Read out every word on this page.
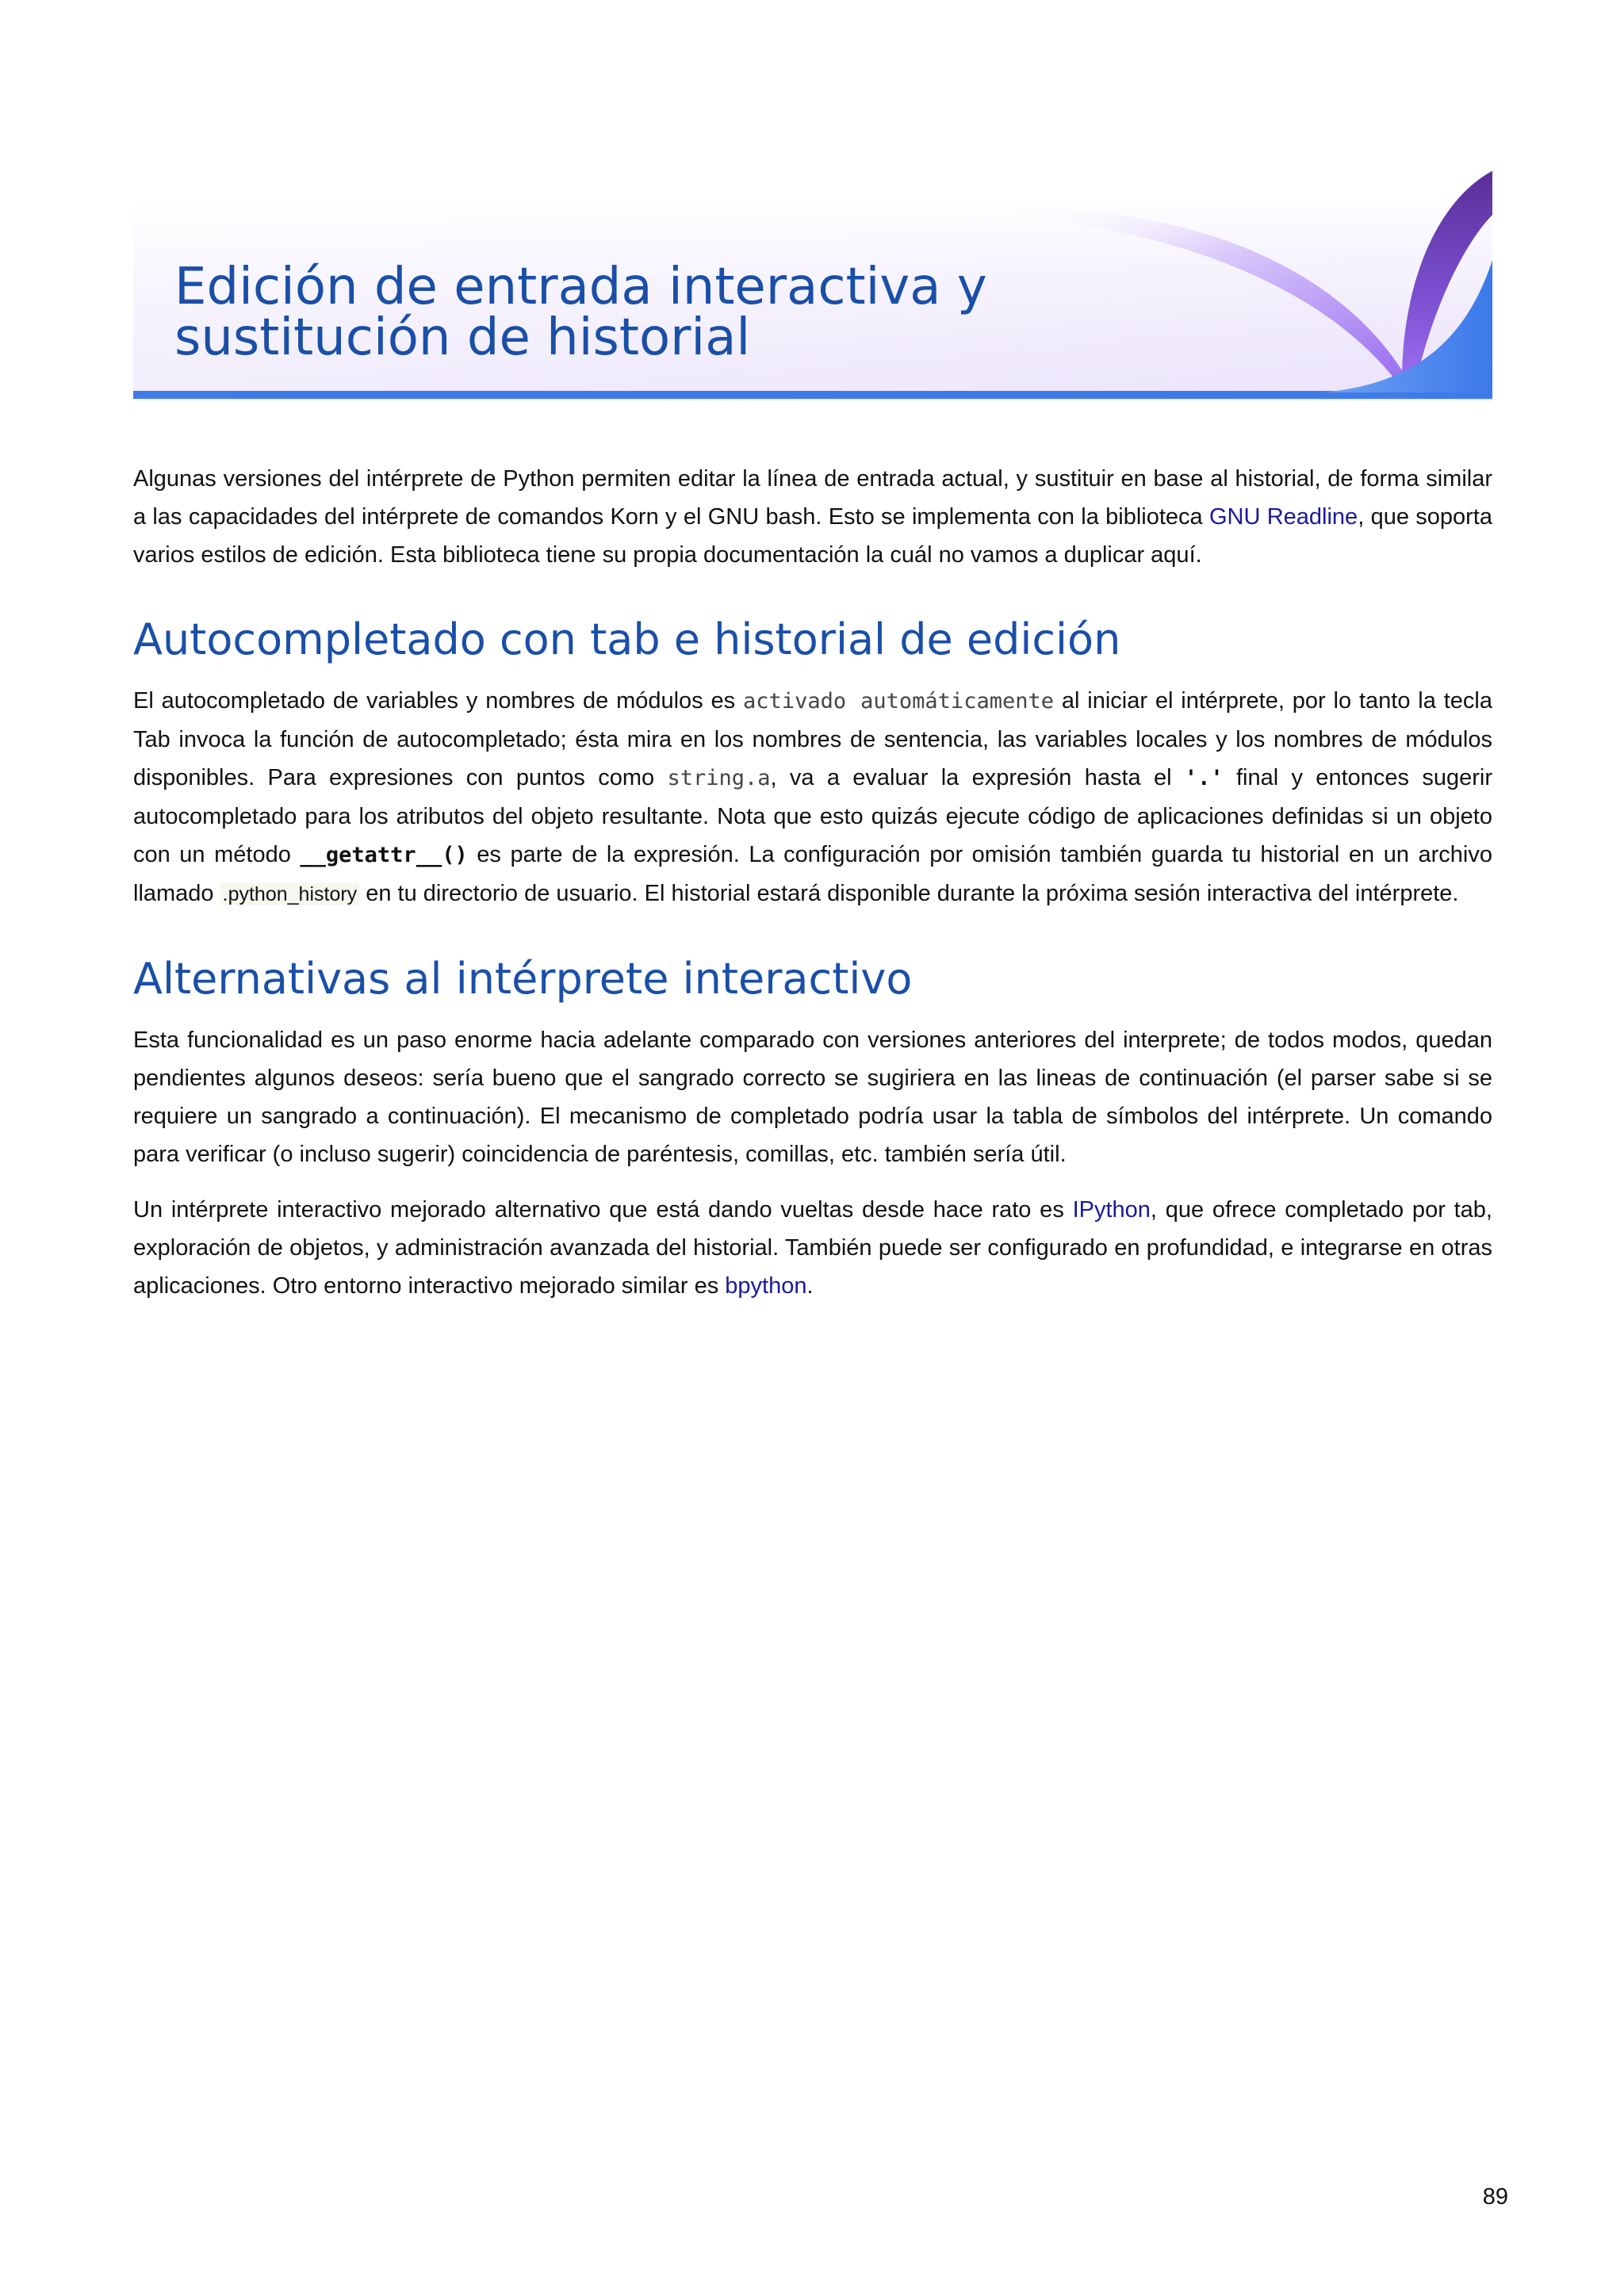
Edición de entrada interactiva y
sustitución de historial

Algunas versiones del intérprete de Python permiten editar la línea de entrada actual, y sustituir en base al historial, de forma similar a las capacidades del intérprete de comandos Korn y el GNU bash. Esto se implementa con la biblioteca GNU Readline, que soporta varios estilos de edición. Esta biblioteca tiene su propia documentación la cuál no vamos a duplicar aquí.

Autocompletado con tab e historial de edición

El autocompletado de variables y nombres de módulos es activado automáticamente al iniciar el intérprete, por lo tanto la tecla Tab invoca la función de autocompletado; ésta mira en los nombres de sentencia, las variables locales y los nombres de módulos disponibles. Para expresiones con puntos como string.a, va a evaluar la expresión hasta el '.' final y entonces sugerir autocompletado para los atributos del objeto resultante. Nota que esto quizás ejecute código de aplicaciones definidas si un objeto con un método __getattr__() es parte de la expresión. La configuración por omisión también guarda tu historial en un archivo llamado .python_history en tu directorio de usuario. El historial estará disponible durante la próxima sesión interactiva del intérprete.

Alternativas al intérprete interactivo

Esta funcionalidad es un paso enorme hacia adelante comparado con versiones anteriores del interprete; de todos modos, quedan pendientes algunos deseos: sería bueno que el sangrado correcto se sugiriera en las lineas de continuación (el parser sabe si se requiere un sangrado a continuación). El mecanismo de completado podría usar la tabla de símbolos del intérprete. Un comando para verificar (o incluso sugerir) coincidencia de paréntesis, comillas, etc. también sería útil.

Un intérprete interactivo mejorado alternativo que está dando vueltas desde hace rato es IPython, que ofrece completado por tab, exploración de objetos, y administración avanzada del historial. También puede ser configurado en profundidad, e integrarse en otras aplicaciones. Otro entorno interactivo mejorado similar es bpython.

89
